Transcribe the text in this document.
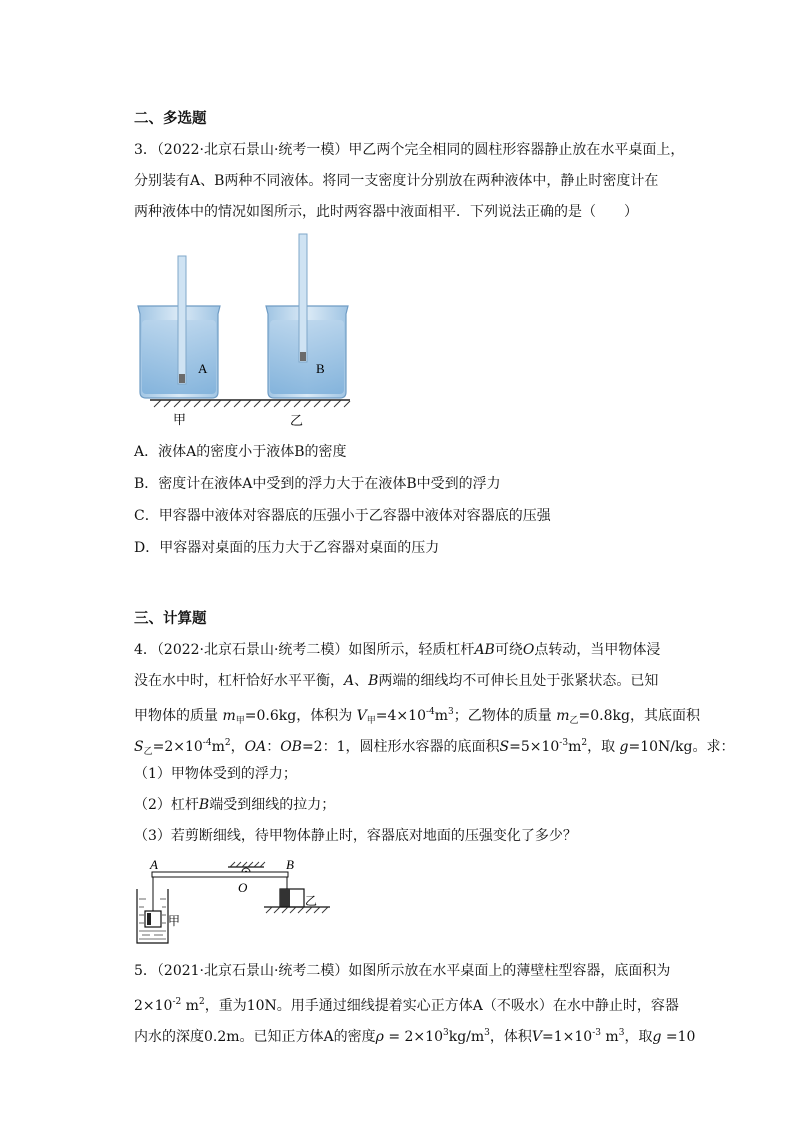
二、多选题
3．（2022·北京石景山·统考一模）甲乙两个完全相同的圆柱形容器静止放在水平桌面上，
分别装有A、B两种不同液体。将同一支密度计分别放在两种液体中，静止时密度计在
两种液体中的情况如图所示，此时两容器中液面相平．下列说法正确的是（　　）
A	B
甲	乙
A．液体A的密度小于液体B的密度
B．密度计在液体A中受到的浮力大于在液体B中受到的浮力
C．甲容器中液体对容器底的压强小于乙容器中液体对容器底的压强
D．甲容器对桌面的压力大于乙容器对桌面的压力
三、计算题
4．（2022·北京石景山·统考二模）如图所示，轻质杠杆AB可绕O点转动，当甲物体浸
没在水中时，杠杆恰好水平平衡，A、B两端的细线均不可伸长且处于张紧状态。已知
甲物体的质量 $m_甲=0.6kg$，体积为 $V_甲=4\times 10^{-4}m^3$；乙物体的质量 $m_乙=0.8kg$，其底面积
$S_乙=2\times 10^{-4}m^2$，OA：OB=2：1，圆柱形水容器的底面积$S=5\times 10^{-3}m^2$，取 g=10N/kg。求：
（1）甲物体受到的浮力；
（2）杠杆B端受到细线的拉力；
（3）若剪断细线，待甲物体静止时，容器底对地面的压强变化了多少？
A
O
B
甲
乙
5．（2021·北京石景山·统考二模）如图所示放在水平桌面上的薄壁柱型容器，底面积为
$2\times 10^{-2}$ $m^2$，重为10N。用手通过细线提着实心正方体A（不吸水）在水中静止时，容器
内水的深度0.2m。已知正方体A的密度$\rho = 2\times 10^3kg/m^3$，体积$V=1\times 10^{-3}$ $m^3$，取g =10
